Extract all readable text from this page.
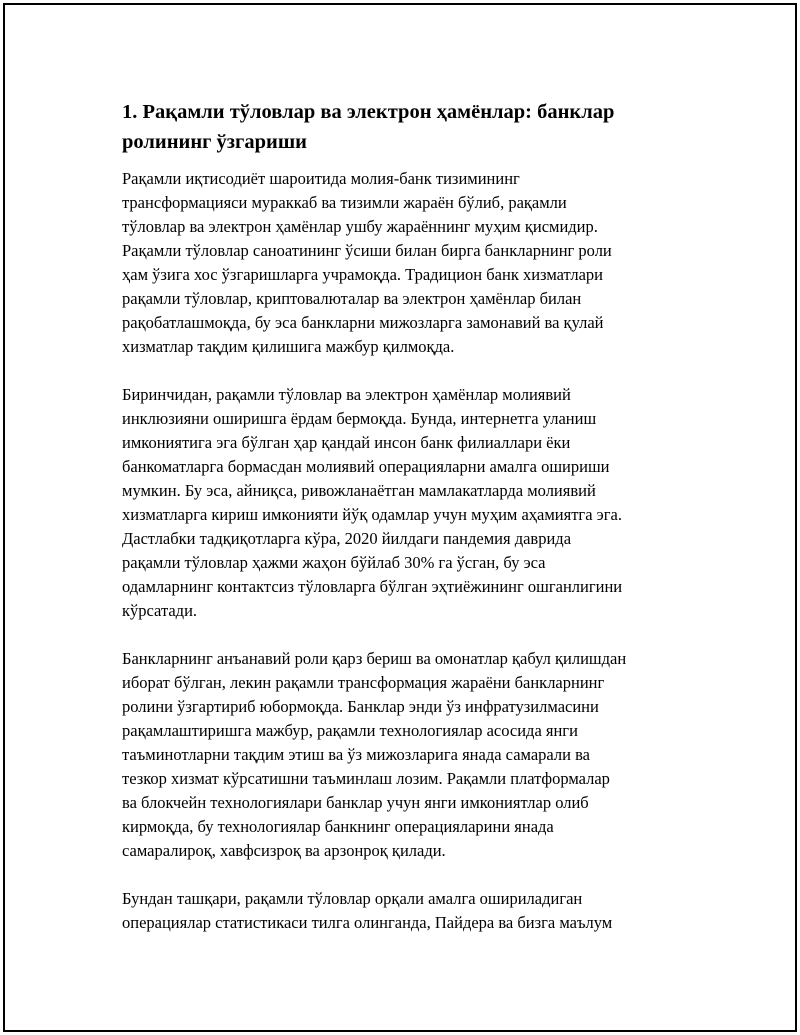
1. Рақамли тўловлар ва электрон ҳамёнлар: банклар
ролининг ўзгариши

Рақамли иқтисодиёт шароитида молия-банк тизимининг
трансформацияси мураккаб ва тизимли жараён бўлиб, рақамли
тўловлар ва электрон ҳамёнлар ушбу жараённинг муҳим қисмидир.
Рақамли тўловлар саноатининг ўсиши билан бирга банкларнинг роли
ҳам ўзига хос ўзгаришларга учрамоқда. Традицион банк хизматлари
рақамли тўловлар, криптовалюталар ва электрон ҳамёнлар билан
рақобатлашмоқда, бу эса банкларни мижозларга замонавий ва қулай
хизматлар тақдим қилишига мажбур қилмоқда.

Биринчидан, рақамли тўловлар ва электрон ҳамёнлар молиявий
инклюзияни оширишга ёрдам бермоқда. Бунда, интернетга уланиш
имкониятига эга бўлган ҳар қандай инсон банк филиаллари ёки
банкоматларга бормасдан молиявий операцияларни амалга ошириши
мумкин. Бу эса, айниқса, ривожланаётган мамлакатларда молиявий
хизматларга кириш имконияти йўқ одамлар учун муҳим аҳамиятга эга.
Дастлабки тадқиқотларга кўра, 2020 йилдаги пандемия даврида
рақамли тўловлар ҳажми жаҳон бўйлаб 30% га ўсган, бу эса
одамларнинг контактсиз тўловларга бўлган эҳтиёжининг ошганлигини
кўрсатади.

Банкларнинг анъанавий роли қарз бериш ва омонатлар қабул қилишдан
иборат бўлган, лекин рақамли трансформация жараёни банкларнинг
ролини ўзгартириб юбормоқда. Банклар энди ўз инфратузилмасини
рақамлаштиришга мажбур, рақамли технологиялар асосида янги
таъминотларни тақдим этиш ва ўз мижозларига янада самарали ва
тезкор хизмат кўрсатишни таъминлаш лозим. Рақамли платформалар
ва блокчейн технологиялари банклар учун янги имкониятлар олиб
кирмоқда, бу технологиялар банкнинг операцияларини янада
самаралироқ, хавфсизроқ ва арзонроқ қилади.

Бундан ташқари, рақамли тўловлар орқали амалга ошириладиган
операциялар статистикаси тилга олинганда, Пайдера ва бизга маълум
